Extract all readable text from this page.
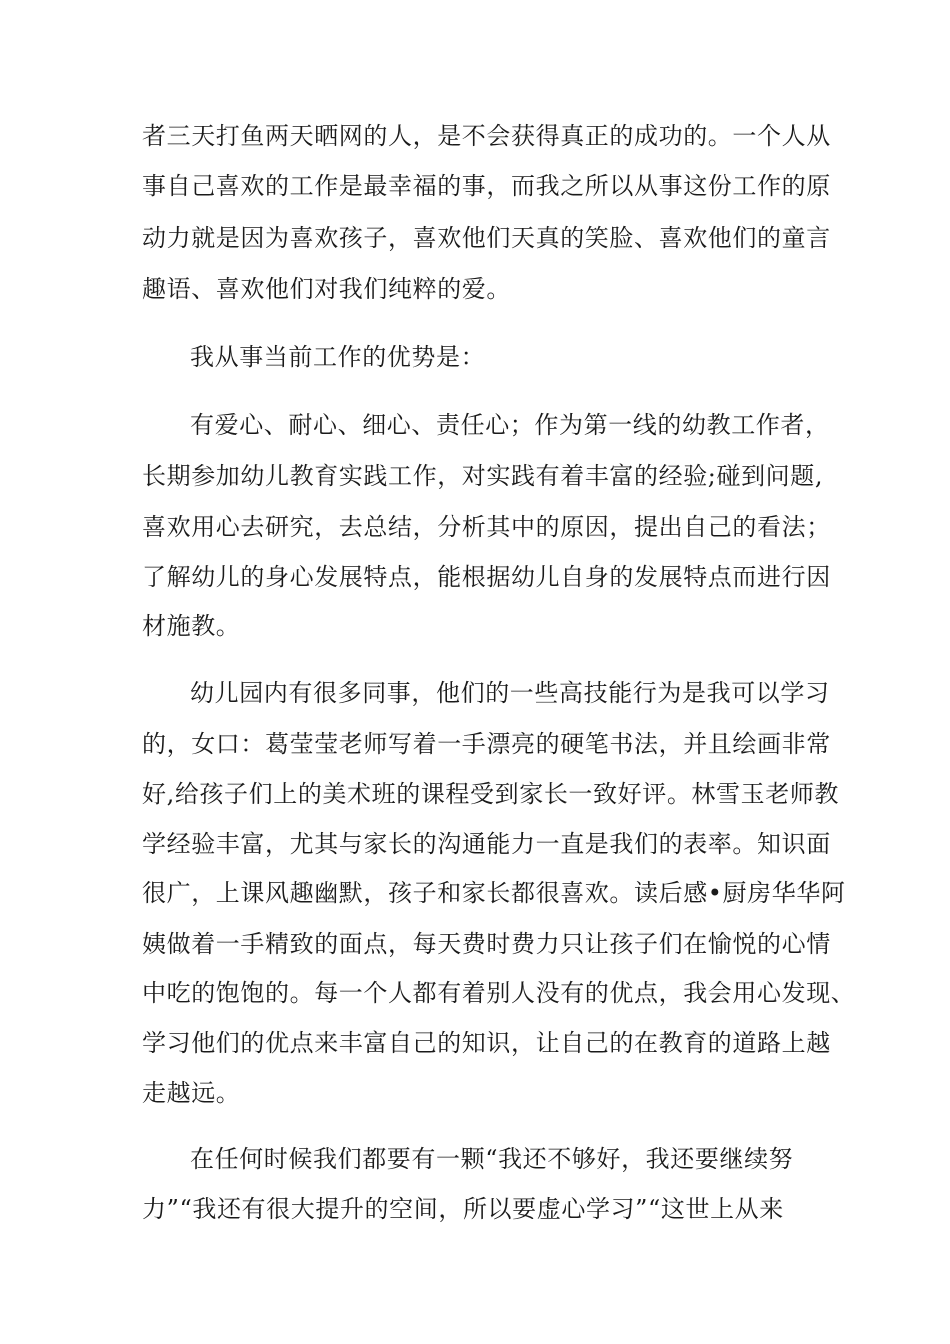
者三天打鱼两天晒网的人，是不会获得真正的成功的。一个人从
事自己喜欢的工作是最幸福的事，而我之所以从事这份工作的原
动力就是因为喜欢孩子，喜欢他们天真的笑脸、喜欢他们的童言
趣语、喜欢他们对我们纯粹的爱。
我从事当前工作的优势是：
有爱心、耐心、细心、责任心；作为第一线的幼教工作者，
长期参加幼儿教育实践工作，对实践有着丰富的经验;碰到问题,
喜欢用心去研究，去总结，分析其中的原因，提出自己的看法；
了解幼儿的身心发展特点，能根据幼儿自身的发展特点而进行因
材施教。
幼儿园内有很多同事，他们的一些高技能行为是我可以学习
的，女口：葛莹莹老师写着一手漂亮的硬笔书法，并且绘画非常
好,给孩子们上的美术班的课程受到家长一致好评。林雪玉老师教
学经验丰富，尤其与家长的沟通能力一直是我们的表率。知识面
很广，上课风趣幽默，孩子和家长都很喜欢。读后感•厨房华华阿
姨做着一手精致的面点，每天费时费力只让孩子们在愉悦的心情
中吃的饱饱的。每一个人都有着别人没有的优点，我会用心发现、
学习他们的优点来丰富自己的知识，让自己的在教育的道路上越
走越远。
在任何时候我们都要有一颗“我还不够好，我还要继续努
力”“我还有很大提升的空间，所以要虚心学习”“这世上从来
